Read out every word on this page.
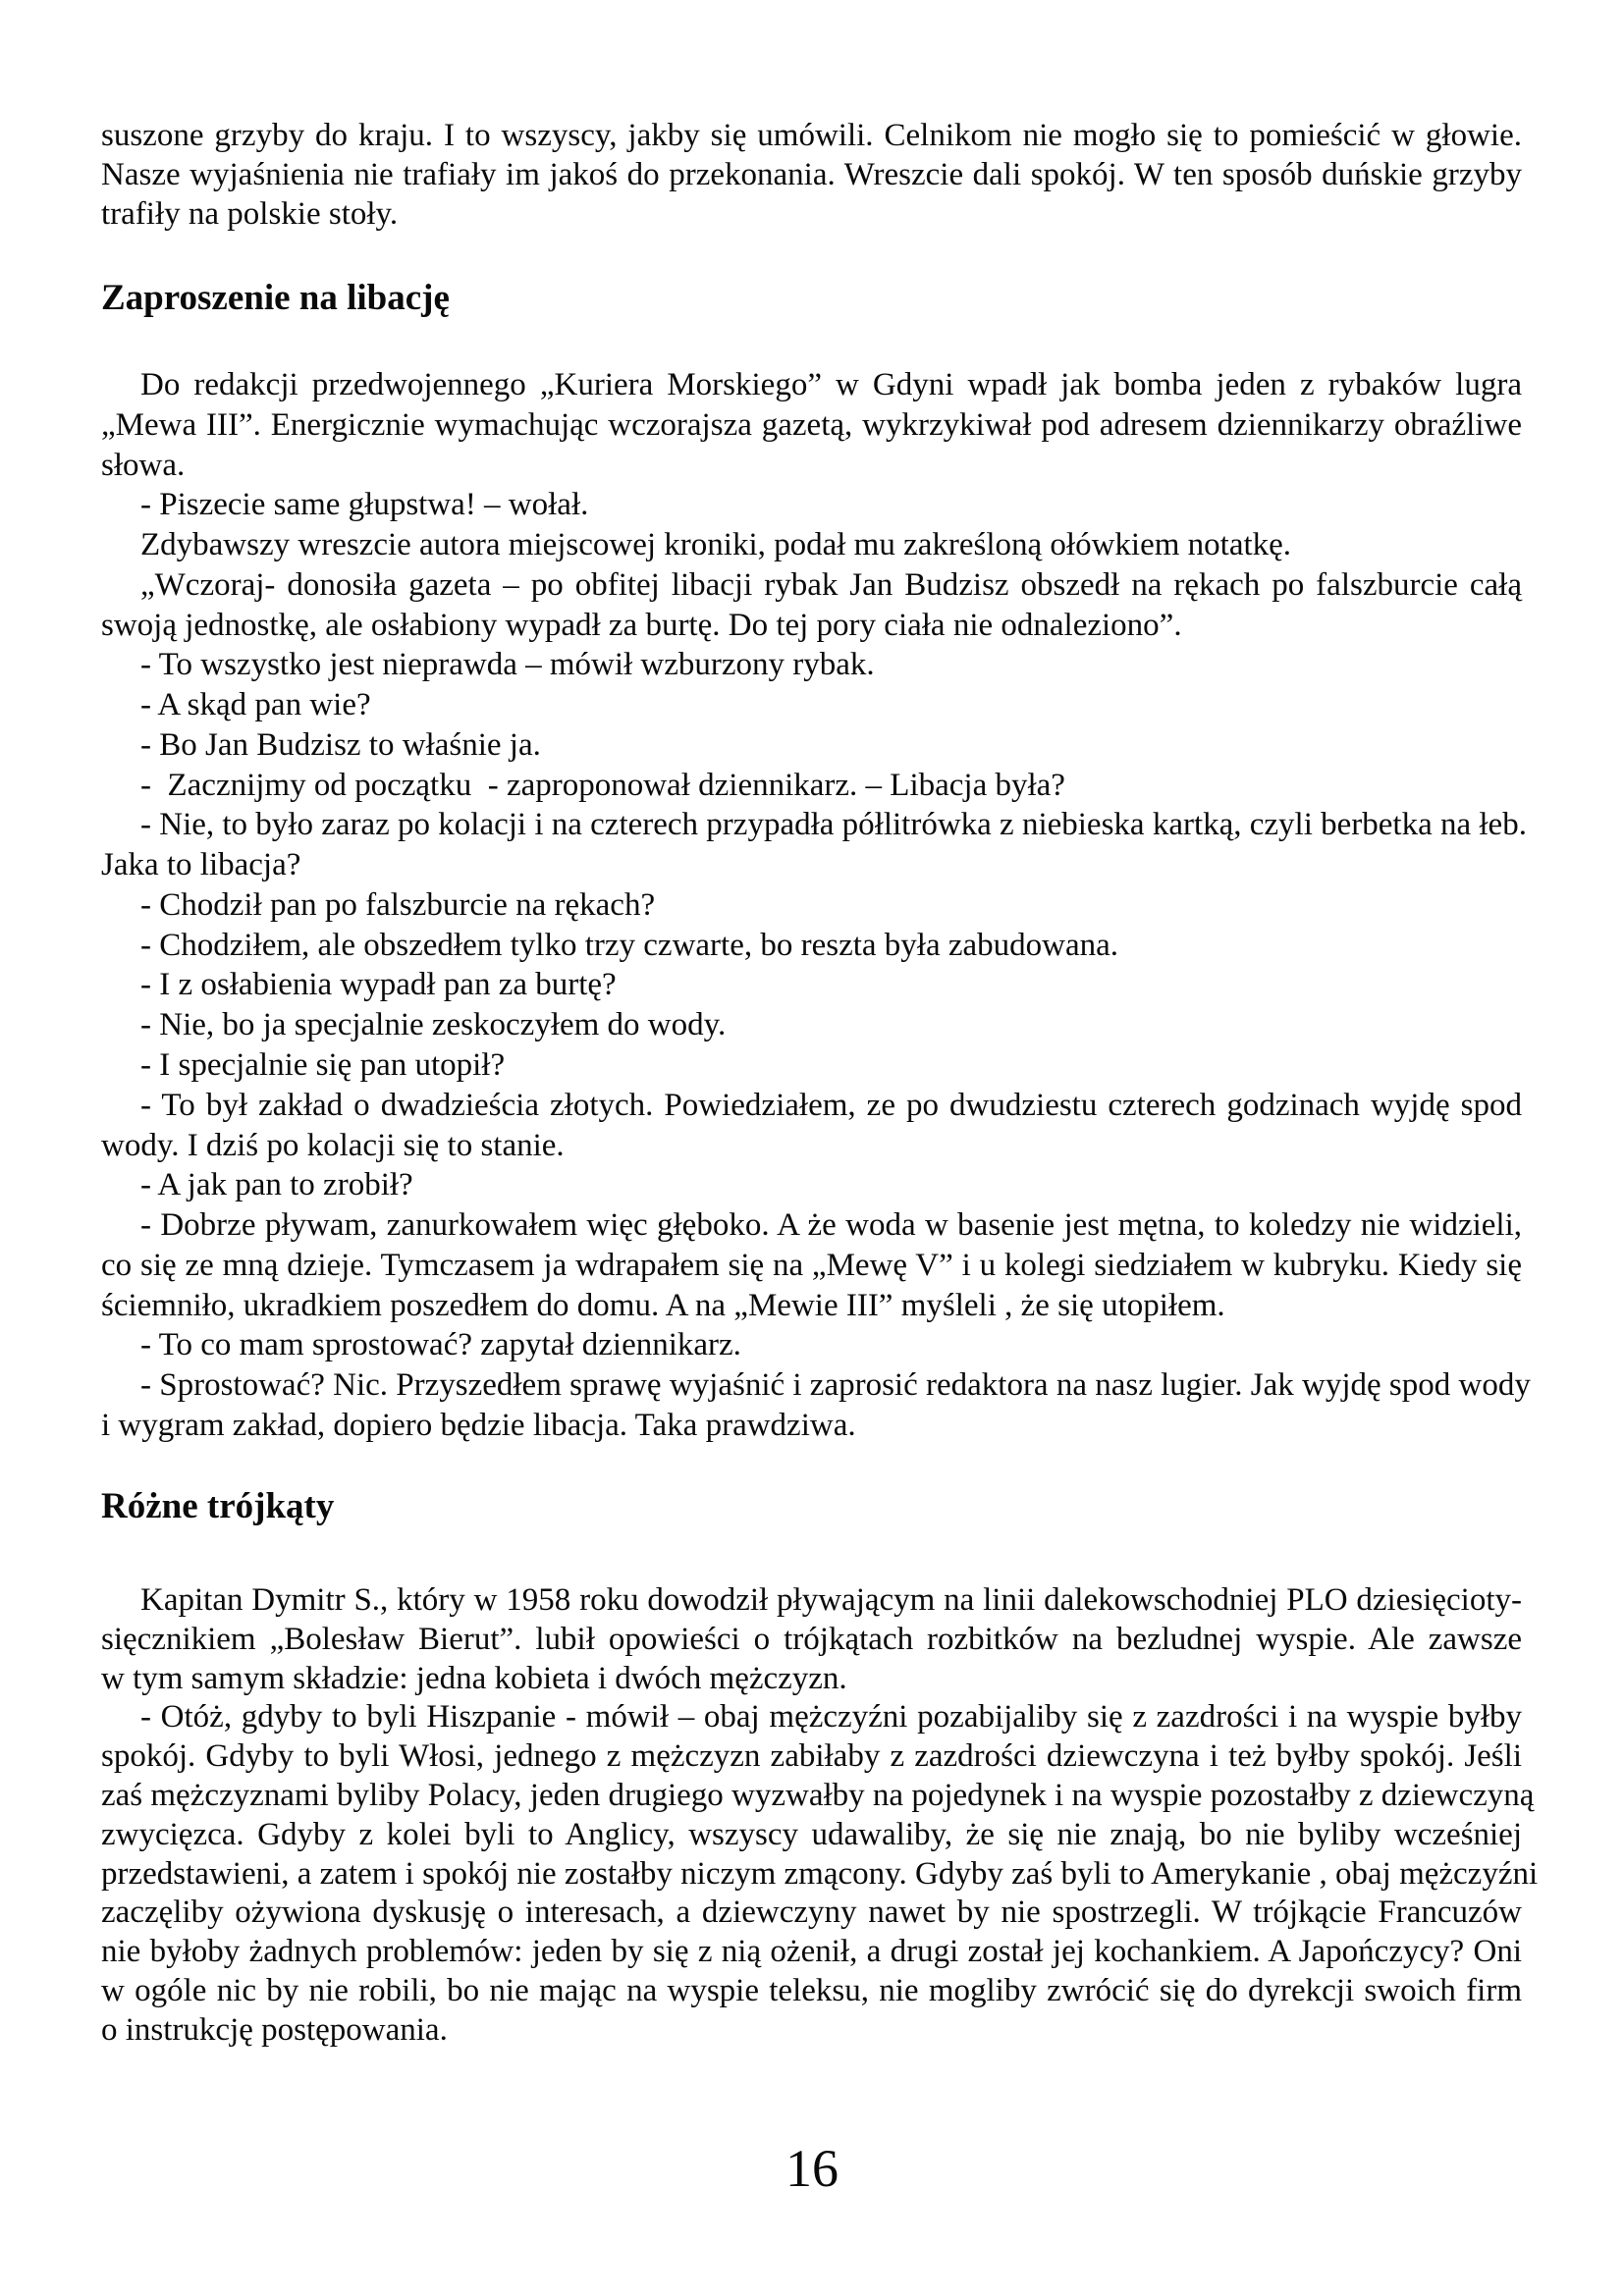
suszone grzyby do kraju. I to wszyscy, jakby się umówili. Celnikom nie mogło się to pomieścić w głowie.
Nasze wyjaśnienia nie trafiały im jakoś do przekonania. Wreszcie dali spokój. W ten sposób duńskie grzyby
trafiły na polskie stoły.
Zaproszenie na libację
Do redakcji przedwojennego „Kuriera Morskiego” w Gdyni wpadł jak bomba jeden z rybaków lugra
„Mewa III”. Energicznie wymachując wczorajsza gazetą, wykrzykiwał pod adresem dziennikarzy obraźliwe
słowa.
- Piszecie same głupstwa! – wołał.
Zdybawszy wreszcie autora miejscowej kroniki, podał mu zakreśloną ołówkiem notatkę.
„Wczoraj- donosiła gazeta – po obfitej libacji rybak Jan Budzisz obszedł na rękach po falszburcie całą
swoją jednostkę, ale osłabiony wypadł za burtę. Do tej pory ciała nie odnaleziono”.
- To wszystko jest nieprawda – mówił wzburzony rybak.
- A skąd pan wie?
- Bo Jan Budzisz to właśnie ja.
-  Zacznijmy od początku  - zaproponował dziennikarz. – Libacja była?
- Nie, to było zaraz po kolacji i na czterech przypadła półlitrówka z niebieska kartką, czyli berbetka na łeb.
Jaka to libacja?
- Chodził pan po falszburcie na rękach?
- Chodziłem, ale obszedłem tylko trzy czwarte, bo reszta była zabudowana.
- I z osłabienia wypadł pan za burtę?
- Nie, bo ja specjalnie zeskoczyłem do wody.
- I specjalnie się pan utopił?
- To był zakład o dwadzieścia złotych. Powiedziałem, ze po dwudziestu czterech godzinach wyjdę spod
wody. I dziś po kolacji się to stanie.
- A jak pan to zrobił?
- Dobrze pływam, zanurkowałem więc głęboko. A że woda w basenie jest mętna, to koledzy nie widzieli,
co się ze mną dzieje. Tymczasem ja wdrapałem się na „Mewę V” i u kolegi siedziałem w kubryku. Kiedy się
ściemniło, ukradkiem poszedłem do domu. A na „Mewie III” myśleli , że się utopiłem.
- To co mam sprostować? zapytał dziennikarz.
- Sprostować? Nic. Przyszedłem sprawę wyjaśnić i zaprosić redaktora na nasz lugier. Jak wyjdę spod wody
i wygram zakład, dopiero będzie libacja. Taka prawdziwa.
Różne trójkąty
Kapitan Dymitr S., który w 1958 roku dowodził pływającym na linii dalekowschodniej PLO dziesięcioty-
sięcznikiem „Bolesław Bierut”. lubił opowieści o trójkątach rozbitków na bezludnej wyspie. Ale zawsze
w tym samym składzie: jedna kobieta i dwóch mężczyzn.
- Otóż, gdyby to byli Hiszpanie - mówił – obaj mężczyźni pozabijaliby się z zazdrości i na wyspie byłby
spokój. Gdyby to byli Włosi, jednego z mężczyzn zabiłaby z zazdrości dziewczyna i też byłby spokój. Jeśli
zaś mężczyznami byliby Polacy, jeden drugiego wyzwałby na pojedynek i na wyspie pozostałby z dziewczyną
zwycięzca. Gdyby z kolei byli to Anglicy, wszyscy udawaliby, że się nie znają, bo nie byliby wcześniej
przedstawieni, a zatem i spokój nie zostałby niczym zmącony. Gdyby zaś byli to Amerykanie , obaj mężczyźni
zaczęliby ożywiona dyskusję o interesach, a dziewczyny nawet by nie spostrzegli. W trójkącie Francuzów
nie byłoby żadnych problemów: jeden by się z nią ożenił, a drugi został jej kochankiem. A Japończycy? Oni
w ogóle nic by nie robili, bo nie mając na wyspie teleksu, nie mogliby zwrócić się do dyrekcji swoich firm
o instrukcję postępowania.
16
